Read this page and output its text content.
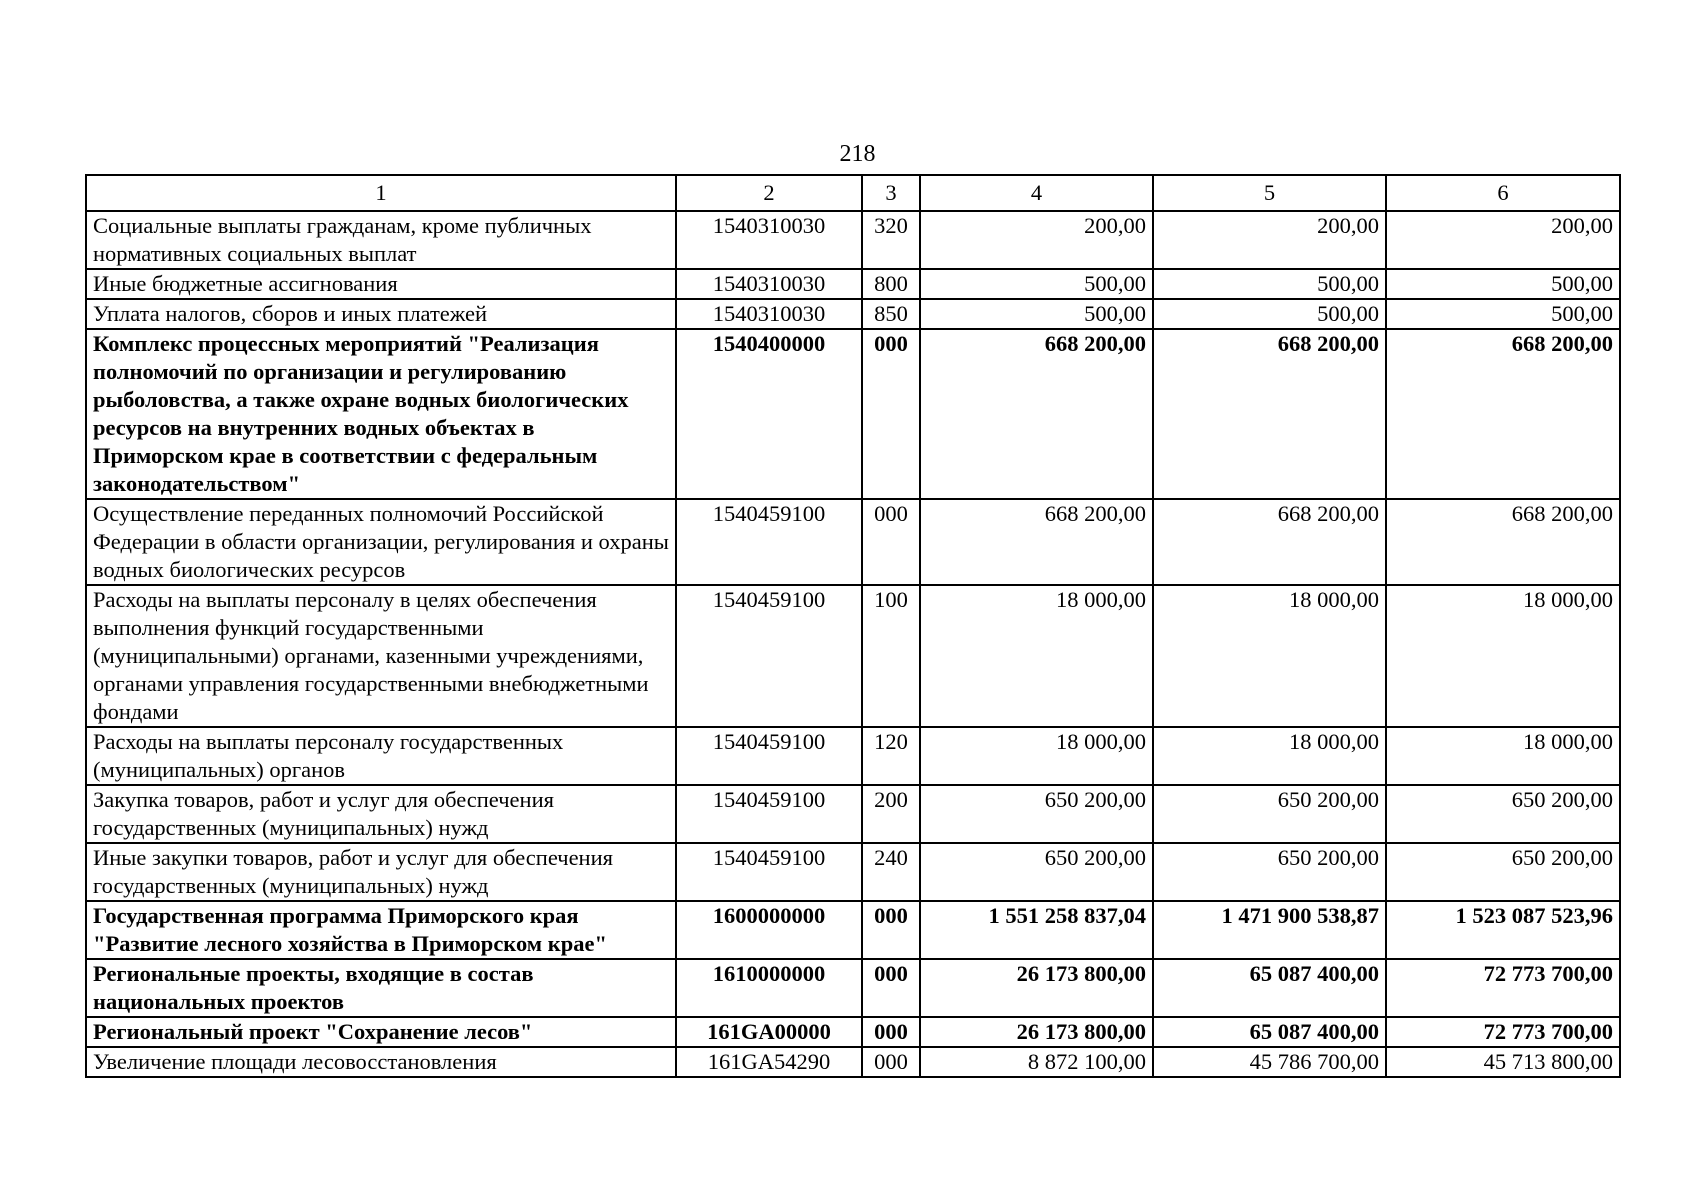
218
1	2	3	4	5	6
Социальные выплаты гражданам, кроме публичных нормативных социальных выплат	1540310030	320	200,00	200,00	200,00
Иные бюджетные ассигнования	1540310030	800	500,00	500,00	500,00
Уплата налогов, сборов и иных платежей	1540310030	850	500,00	500,00	500,00
Комплекс процессных мероприятий "Реализация полномочий по организации и регулированию рыболовства, а также охране водных биологических ресурсов на внутренних водных объектах в Приморском крае в соответствии с федеральным законодательством"	1540400000	000	668 200,00	668 200,00	668 200,00
Осуществление переданных полномочий Российской Федерации в области организации, регулирования и охраны водных биологических ресурсов	1540459100	000	668 200,00	668 200,00	668 200,00
Расходы на выплаты персоналу в целях обеспечения выполнения функций государственными (муниципальными) органами, казенными учреждениями, органами управления государственными внебюджетными фондами	1540459100	100	18 000,00	18 000,00	18 000,00
Расходы на выплаты персоналу государственных (муниципальных) органов	1540459100	120	18 000,00	18 000,00	18 000,00
Закупка товаров, работ и услуг для обеспечения государственных (муниципальных) нужд	1540459100	200	650 200,00	650 200,00	650 200,00
Иные закупки товаров, работ и услуг для обеспечения государственных (муниципальных) нужд	1540459100	240	650 200,00	650 200,00	650 200,00
Государственная программа Приморского края "Развитие лесного хозяйства в Приморском крае"	1600000000	000	1 551 258 837,04	1 471 900 538,87	1 523 087 523,96
Региональные проекты, входящие в состав национальных проектов	1610000000	000	26 173 800,00	65 087 400,00	72 773 700,00
Региональный проект "Сохранение лесов"	161GA00000	000	26 173 800,00	65 087 400,00	72 773 700,00
Увеличение площади лесовосстановления	161GA54290	000	8 872 100,00	45 786 700,00	45 713 800,00
